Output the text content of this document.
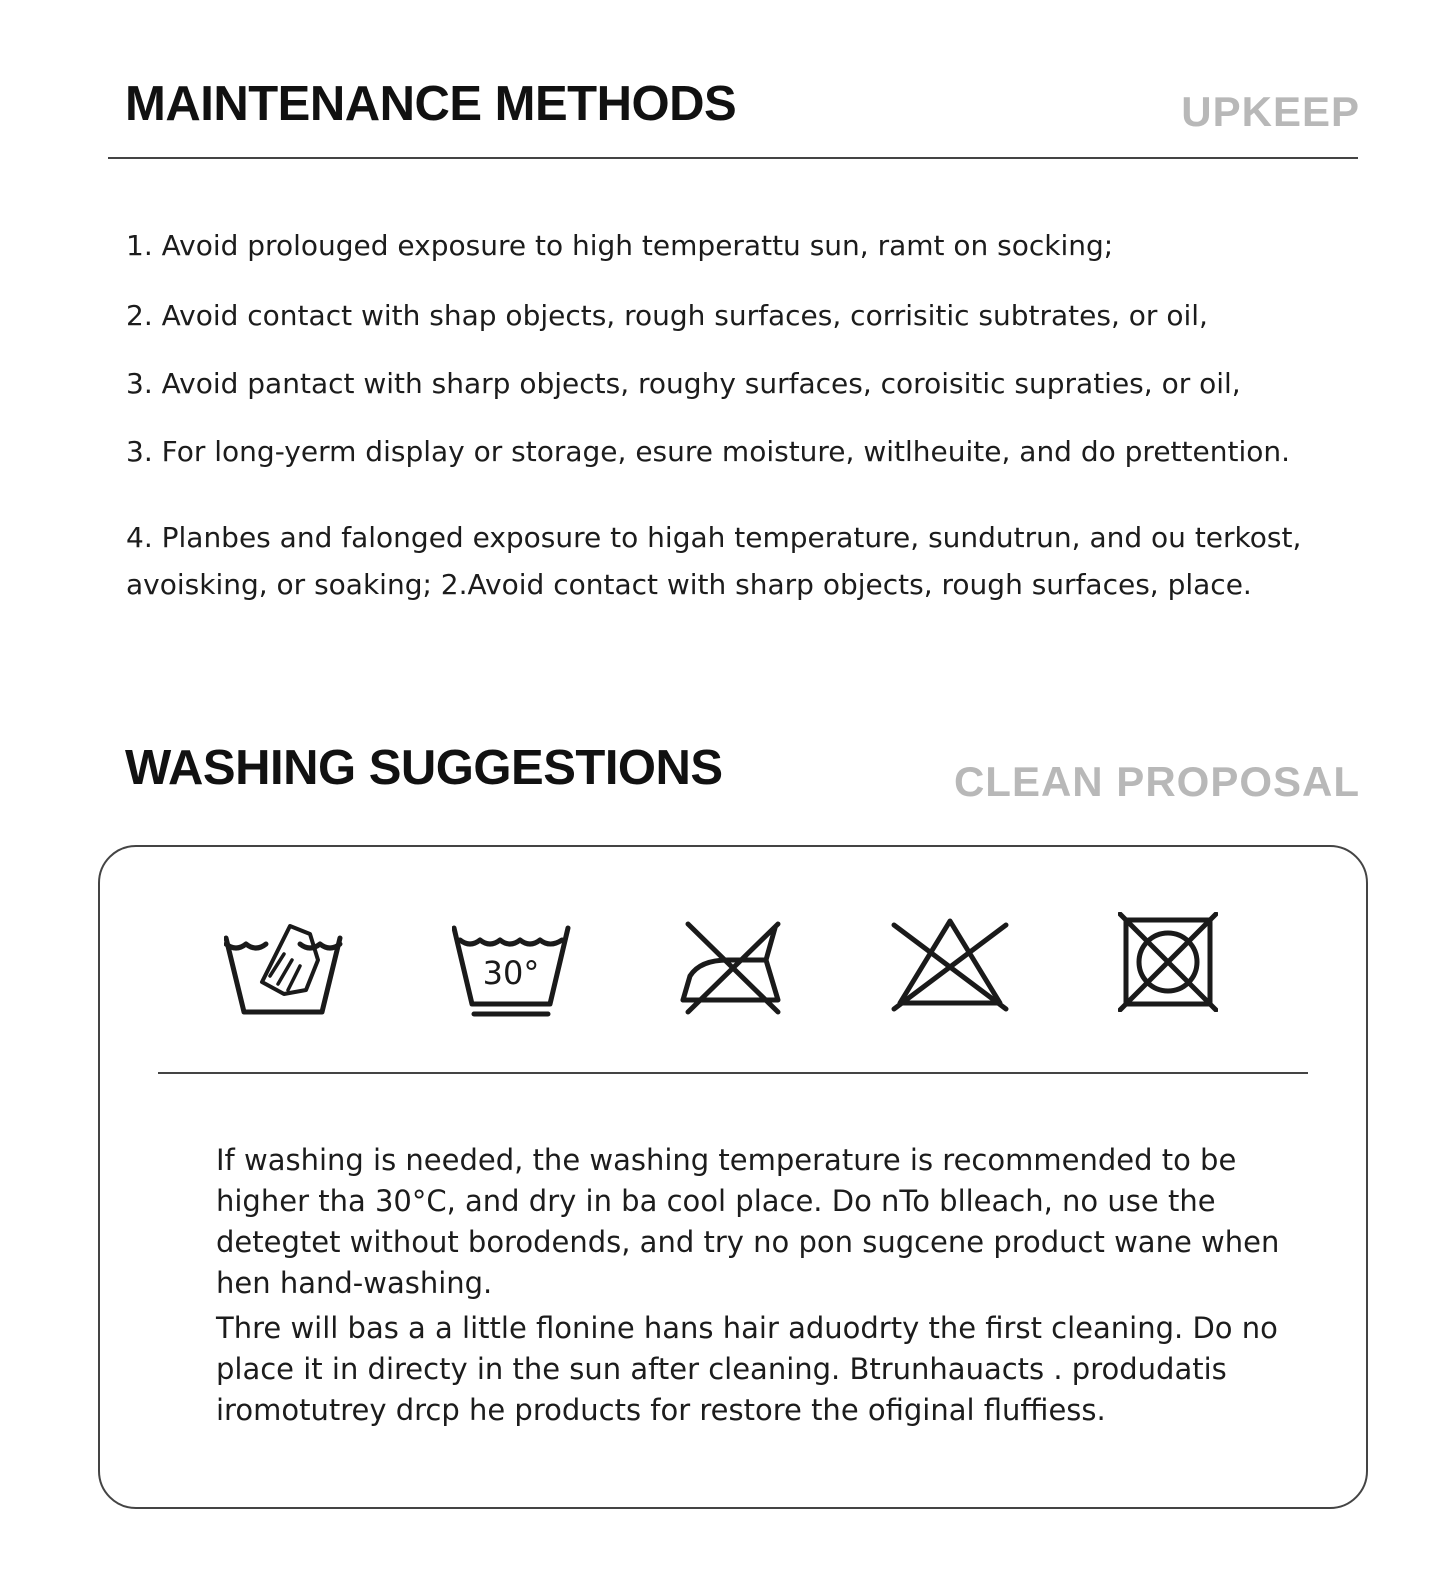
MAINTENANCE METHODS	UPKEEP
1. Avoid prolouged exposure to high temperattu sun, ramt on socking;
2. Avoid contact with shap objects, rough surfaces, corrisitic subtrates, or oil,
3. Avoid pantact with sharp objects, roughy surfaces, coroisitic supraties, or oil,
3. For long-yerm display or storage, esure moisture, witlheuite, and do prettention.
4. Planbes and falonged exposure to higah temperature, sundutrun, and ou terkost, avoisking, or soaking; 2.Avoid contact with sharp objects, rough surfaces, place.
WASHING SUGGESTIONS	CLEAN PROPOSAL
30°

If washing is needed, the washing temperature is recommended to be higher tha 30°C, and dry in ba cool place. Do nTo blleach, no use the detegtet without borodends, and try no pon sugcene product wane when hen hand-washing.

Thre will bas a a little flonine hans hair aduodrty the first cleaning. Do no place it in directy in the sun after cleaning. Btrunhauacts . produdatis iromotutrey drcp he products for restore the ofiginal fluffiess.
